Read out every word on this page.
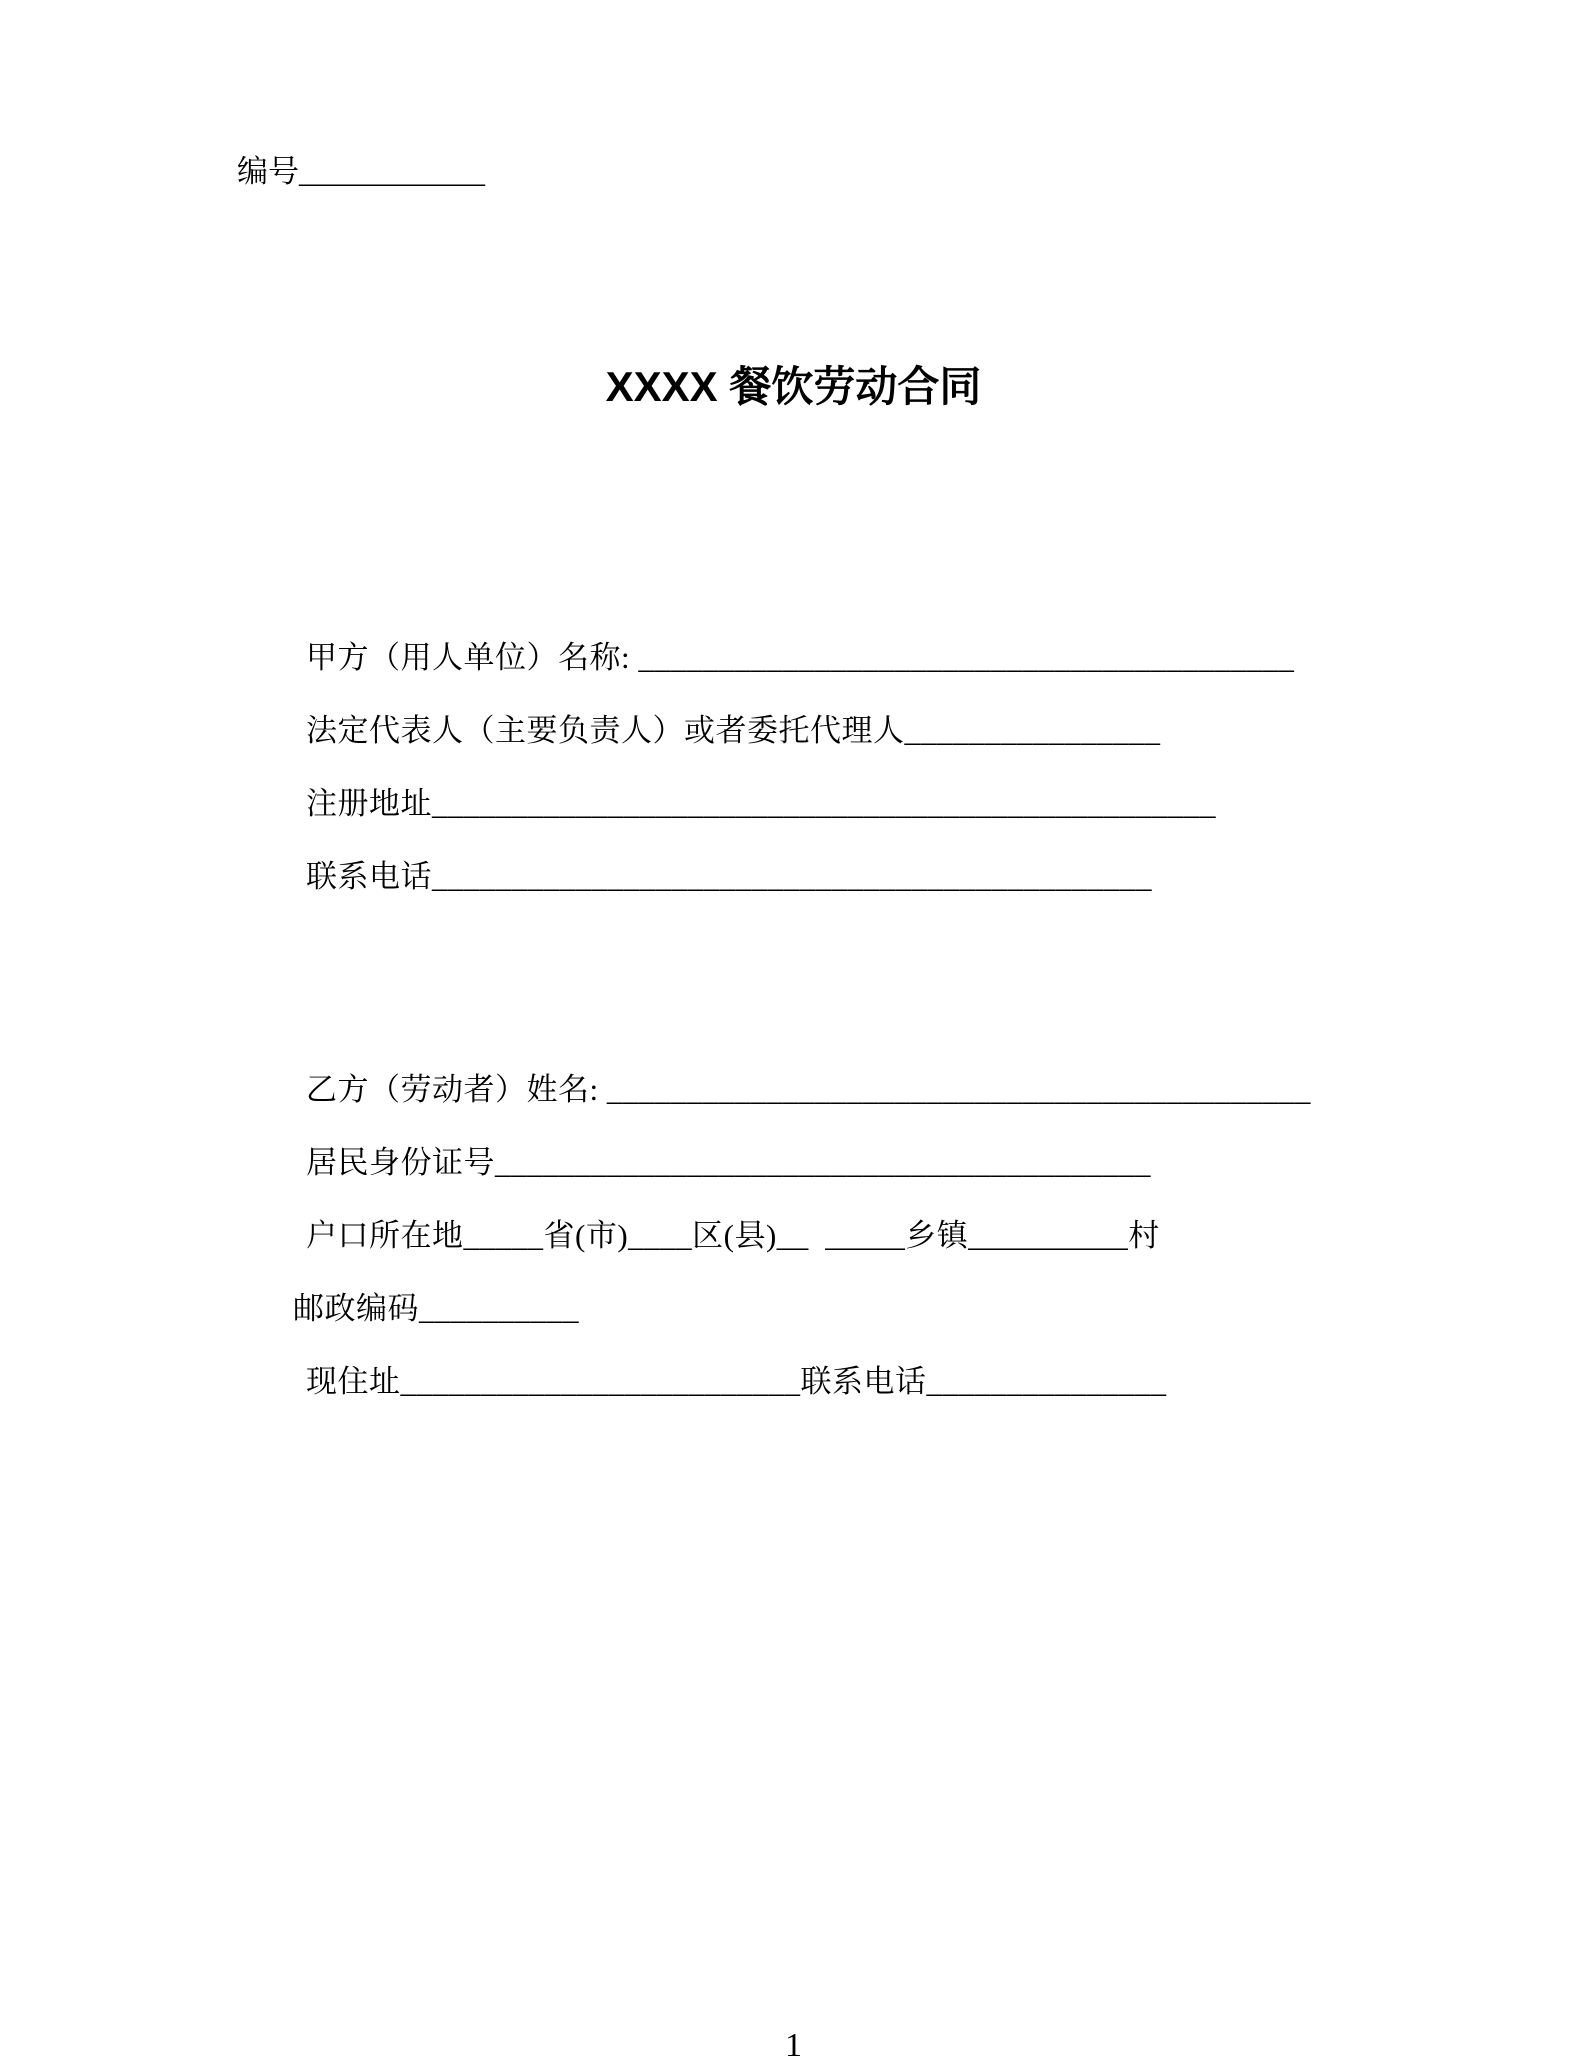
编号____________
XXXX 餐饮劳动合同
甲方（用人单位）名称: _________________________________________
法定代表人（主要负责人）或者委托代理人________________
注册地址_________________________________________________
联系电话_____________________________________________
乙方（劳动者）姓名: ____________________________________________
居民身份证号_________________________________________
户口所在地_____省(市)____区(县)__  _____乡镇__________村
邮政编码__________
现住址_________________________联系电话_______________
1
